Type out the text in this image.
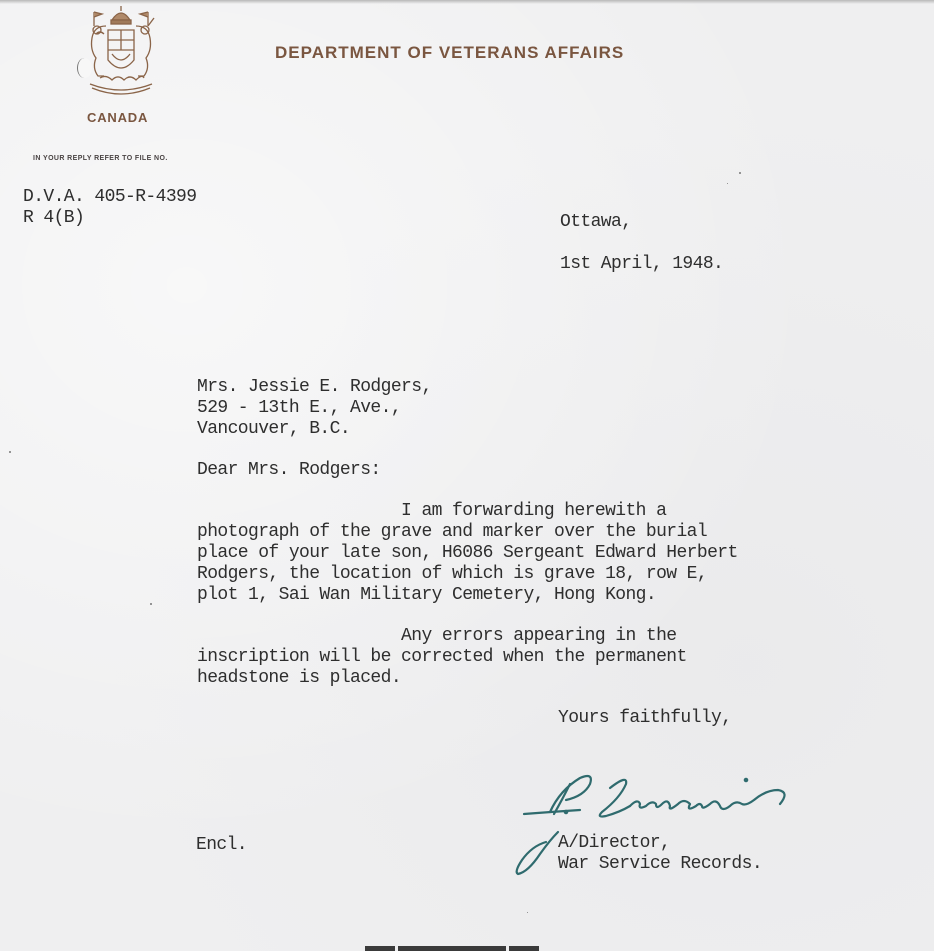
DEPARTMENT OF VETERANS AFFAIRS
CANADA
IN YOUR REPLY REFER TO FILE NO.
D.V.A. 405-R-4399
R 4(B)	Ottawa,
1st April, 1948.
Mrs. Jessie E. Rodgers,
529 - 13th E., Ave.,
Vancouver, B.C.
Dear Mrs. Rodgers:
I am forwarding herewith a
photograph of the grave and marker over the burial
place of your late son, H6086 Sergeant Edward Herbert
Rodgers, the location of which is grave 18, row E,
plot 1, Sai Wan Military Cemetery, Hong Kong.
Any errors appearing in the
inscription will be corrected when the permanent
headstone is placed.
Yours faithfully,
A/Director,
War Service Records.
Encl.
